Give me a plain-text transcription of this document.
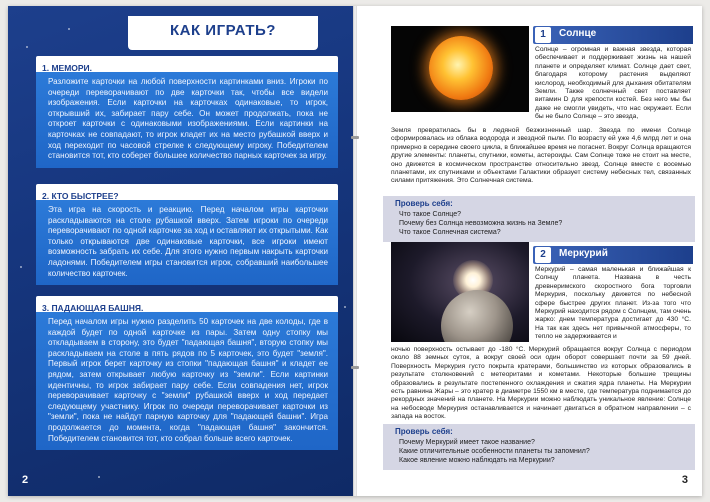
КАК ИГРАТЬ?
1. МЕМОРИ.
Разложите карточки на любой поверхности картинками вниз. Игроки по очереди переворачивают по две карточки так, чтобы все видели изображения. Если карточки на карточках одинаковые, то игрок, открывший их, забирает пару себе. Он может продолжать, пока не откроет карточки с одинаковыми изображениями. Если картинки на карточках не совпадают, то игрок кладет их на место рубашкой вверх и ход переходит по часовой стрелке к следующему игроку. Победителем становится тот, кто соберет большее количество парных карточек за игру.
2. КТО БЫСТРЕЕ?
Эта игра на скорость и реакцию. Перед началом игры карточки раскладываются на столе рубашкой вверх. Затем игроки по очереди переворачивают по одной карточке за ход и оставляют их открытыми. Как только открываются две одинаковые карточки, все игроки имеют возможность забрать их себе. Для этого нужно первым накрыть карточки ладонями. Победителем игры становится игрок, собравший наибольшее количество карточек.
3. ПАДАЮЩАЯ БАШНЯ.
Перед началом игры нужно разделить 50 карточек на две колоды, где в каждой будет по одной карточке из пары. Затем одну стопку мы откладываем в сторону, это будет "падающая башня", вторую стопку мы раскладываем на столе в пять рядов по 5 карточек, это будет "земля". Первый игрок берет карточку из стопки "падающая башня" и кладет ее рядом, затем открывает любую карточку из "земли". Если картинки идентичны, то игрок забирает пару себе. Если совпадения нет, игрок переворачивает карточку с "земли" рубашкой вверх и ход передает следующему участнику. Игрок по очереди переворачивает карточки из "земли", пока не найдут парную карточку для "падающей башни". Игра продолжается до момента, когда "падающая башня" закончится. Победителем становится тот, кто собрал больше всего карточек.
2
1	Солнце
Солнце – огромная и важная звезда, которая обеспечивает и поддерживает жизнь на нашей планете и определяет климат. Солнце дает свет, благодаря которому растения выделяют кислород, необходимый для дыхания обитателям Земли. Также солнечный свет поставляет витамин D для крепости костей. Без него мы бы даже не смогли увидеть, что нас окружает. Если бы не было Солнце – это звезда,
Земля превратилась бы в ледяной безжизненный шар. Звезда по имени Солнце сформировалась из облака водорода и звездной пыли. По возрасту ей уже 4,6 млрд лет и она примерно в середине своего цикла, в ближайшее время не погаснет. Вокруг Солнца вращаются другие элементы: планеты, спутники, кометы, астероиды. Сам Солнце тоже не стоит на месте, оно движется в космическом пространстве относительно звезд. Солнце вместе с восемью планетами, их спутниками и объектами Галактики образует систему небесных тел, связанных силами притяжения. Это Солнечная система.
Проверь себя:
Что такое Солнце?
Почему без Солнца невозможна жизнь на Земле?
Что такое Солнечная система?
2	Меркурий
Меркурий – самая маленькая и ближайшая к Солнцу планета. Названа в честь древнеримского скоростного бога торговли Меркурия, поскольку движется по небесной сфере быстрее других планет. Из-за того что Меркурий находится рядом с Солнцем, там очень жарко: днем температура достигает до 430 °С. На так как здесь нет привычной атмосферы, то тепло не задерживается и
ночью поверхность остывает до -180 °С. Меркурий обращается вокруг Солнца с периодом около 88 земных суток, а вокруг своей оси один оборот совершает почти за 59 дней. Поверхность Меркурия густо покрыта кратерами, большинство из которых образовались в результате столкновений с метеоритами и кометами. Некоторые большие трещины образовались в результате постепенного охлаждения и сжатия ядра планеты. На Меркурии есть равнина Жары – это кратер в диаметре 1550 км в месте, где температура поднимается до рекордных значений на планете. На Меркурии можно наблюдать уникальное явление: Солнце на небосводе Меркурия останавливается и начинает двигаться в обратном направлении – с запада на восток.
Проверь себя:
Почему Меркурий имеет такое название?
Какие отличительные особенности планеты ты запомнил?
Какое явление можно наблюдать на Меркурии?
3
